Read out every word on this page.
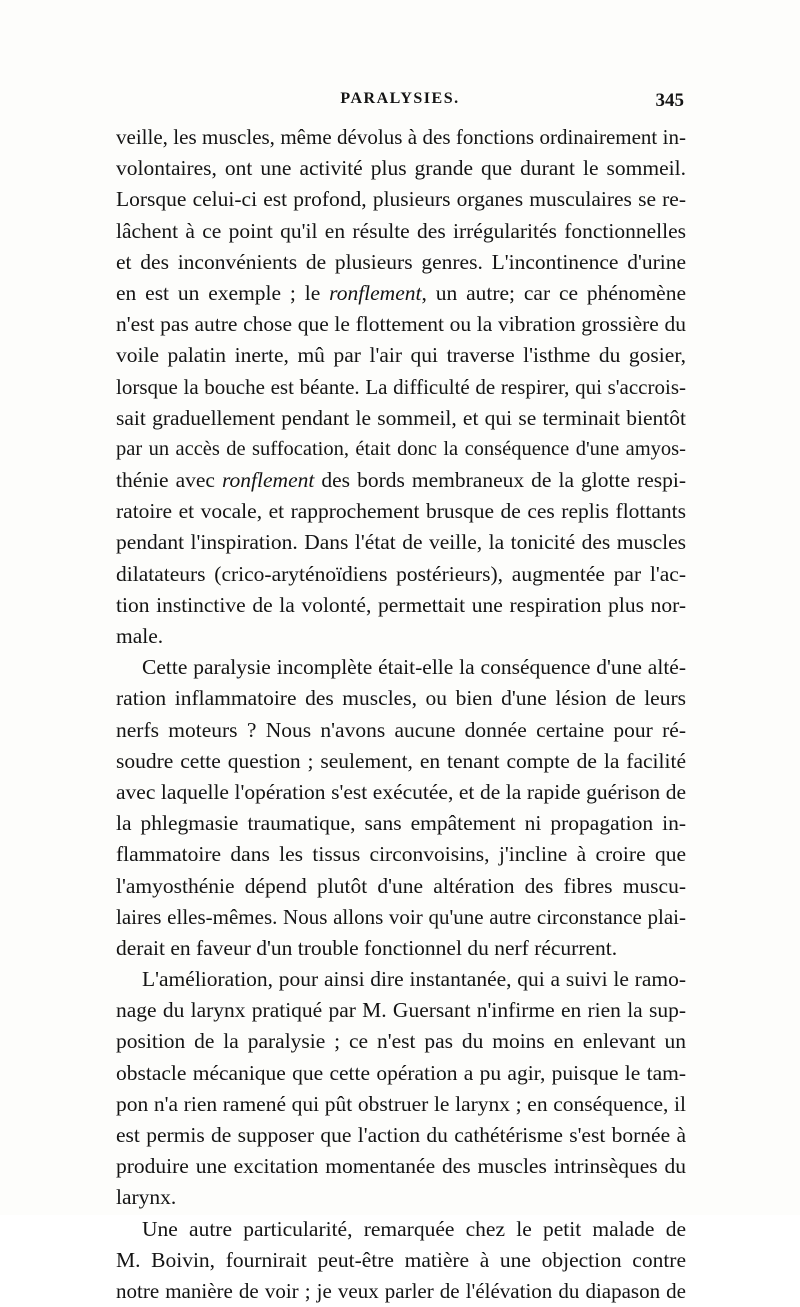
PARALYSIES.	345
veille, les muscles, même dévolus à des fonctions ordinairement in-
volontaires, ont une activité plus grande que durant le sommeil.
Lorsque celui-ci est profond, plusieurs organes musculaires se re-
lâchent à ce point qu'il en résulte des irrégularités fonctionnelles
et des inconvénients de plusieurs genres. L'incontinence d'urine
en est un exemple ; le ronflement, un autre; car ce phénomène
n'est pas autre chose que le flottement ou la vibration grossière du
voile palatin inerte, mû par l'air qui traverse l'isthme du gosier,
lorsque la bouche est béante. La difficulté de respirer, qui s'accrois-
sait graduellement pendant le sommeil, et qui se terminait bientôt
par un accès de suffocation, était donc la conséquence d'une amyos-
thénie avec ronflement des bords membraneux de la glotte respi-
ratoire et vocale, et rapprochement brusque de ces replis flottants
pendant l'inspiration. Dans l'état de veille, la tonicité des muscles
dilatateurs (crico-aryténoïdiens postérieurs), augmentée par l'ac-
tion instinctive de la volonté, permettait une respiration plus nor-
male.
Cette paralysie incomplète était-elle la conséquence d'une alté-
ration inflammatoire des muscles, ou bien d'une lésion de leurs
nerfs moteurs ? Nous n'avons aucune donnée certaine pour ré-
soudre cette question ; seulement, en tenant compte de la facilité
avec laquelle l'opération s'est exécutée, et de la rapide guérison de
la phlegmasie traumatique, sans empâtement ni propagation in-
flammatoire dans les tissus circonvoisins, j'incline à croire que
l'amyosthénie dépend plutôt d'une altération des fibres muscu-
laires elles-mêmes. Nous allons voir qu'une autre circonstance plai-
derait en faveur d'un trouble fonctionnel du nerf récurrent.
L'amélioration, pour ainsi dire instantanée, qui a suivi le ramo-
nage du larynx pratiqué par M. Guersant n'infirme en rien la sup-
position de la paralysie ; ce n'est pas du moins en enlevant un
obstacle mécanique que cette opération a pu agir, puisque le tam-
pon n'a rien ramené qui pût obstruer le larynx ; en conséquence, il
est permis de supposer que l'action du cathétérisme s'est bornée à
produire une excitation momentanée des muscles intrinsèques du
larynx.
Une autre particularité, remarquée chez le petit malade de
M. Boivin, fournirait peut-être matière à une objection contre
notre manière de voir ; je veux parler de l'élévation du diapason de
